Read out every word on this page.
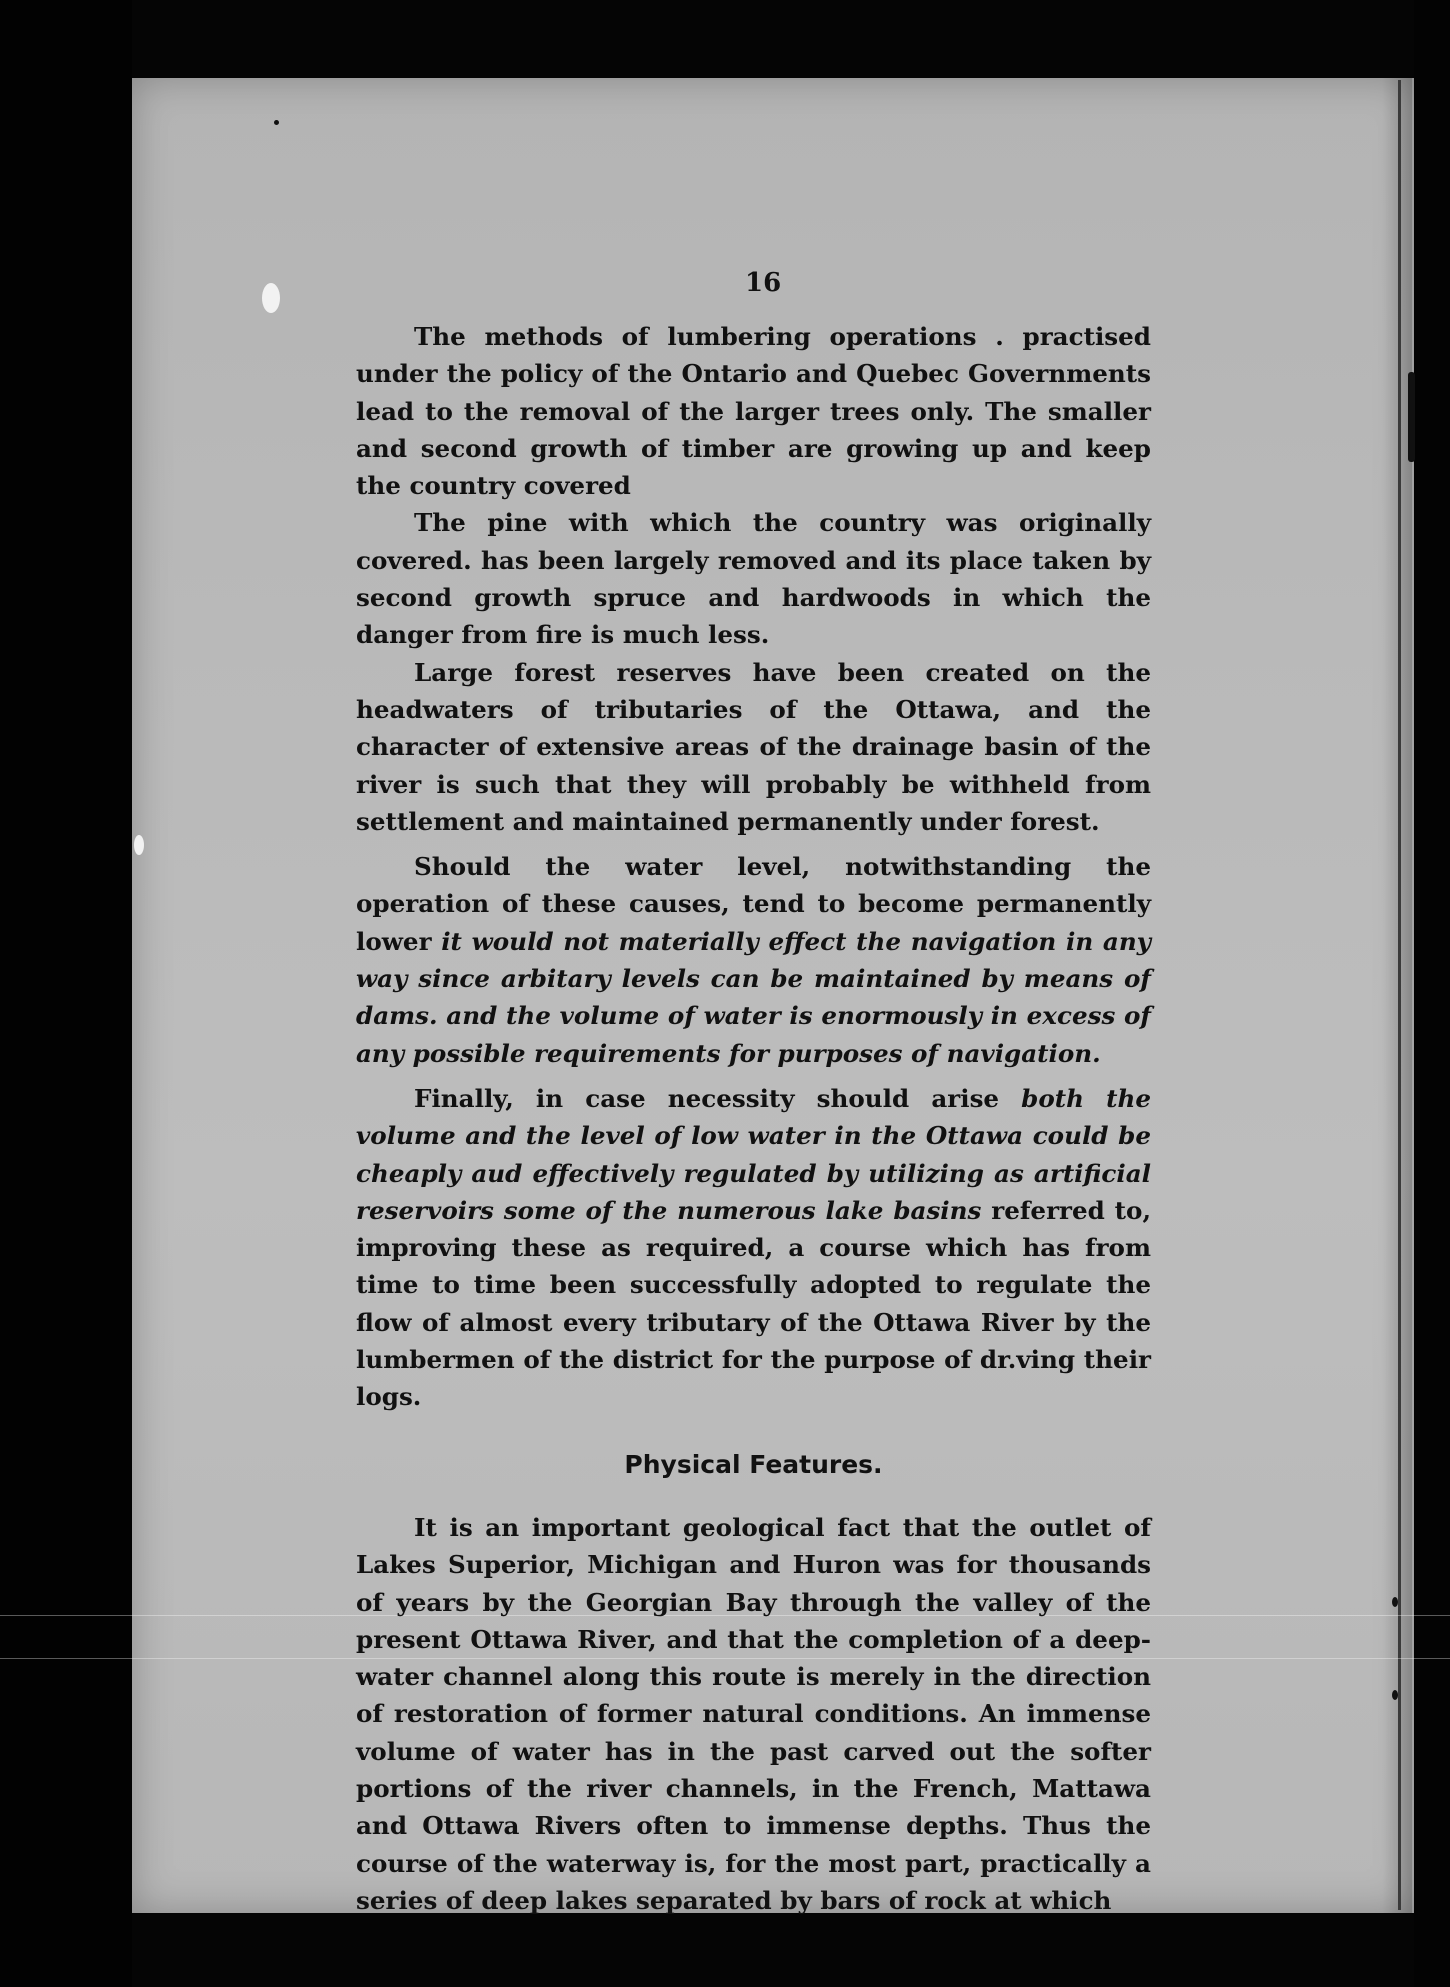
16

The methods of lumbering operations . practised under the policy of the Ontario and Quebec Governments lead to the removal of the larger trees only. The smaller and second growth of timber are growing up and keep the country covered

The pine with which the country was originally covered. has been largely removed and its place taken by second growth spruce and hardwoods in which the danger from fire is much less.

Large forest reserves have been created on the headwaters of tributaries of the Ottawa, and the character of extensive areas of the drainage basin of the river is such that they will probably be withheld from settlement and maintained permanently under forest.

Should the water level, notwithstanding the operation of these causes, tend to become permanently lower it would not materially effect the navigation in any way since arbitary levels can be maintained by means of dams. and the volume of water is enormously in excess of any possible requirements for purposes of navigation.

Finally, in case necessity should arise both the volume and the level of low water in the Ottawa could be cheaply aud effectively regulated by utilizing as artificial reservoirs some of the numerous lake basins referred to, improving these as required, a course which has from time to time been successfully adopted to regulate the flow of almost every tributary of the Ottawa River by the lumbermen of the district for the purpose of dr.ving their logs.

Physical Features.

It is an important geological fact that the outlet of Lakes Superior, Michigan and Huron was for thousands of years by the Georgian Bay through the valley of the present Ottawa River, and that the completion of a deep-water channel along this route is merely in the direction of restoration of former natural conditions. An immense volume of water has in the past carved out the softer portions of the river channels, in the French, Mattawa and Ottawa Rivers often to immense depths. Thus the course of the waterway is, for the most part, practically a series of deep lakes separated by bars of rock at which
